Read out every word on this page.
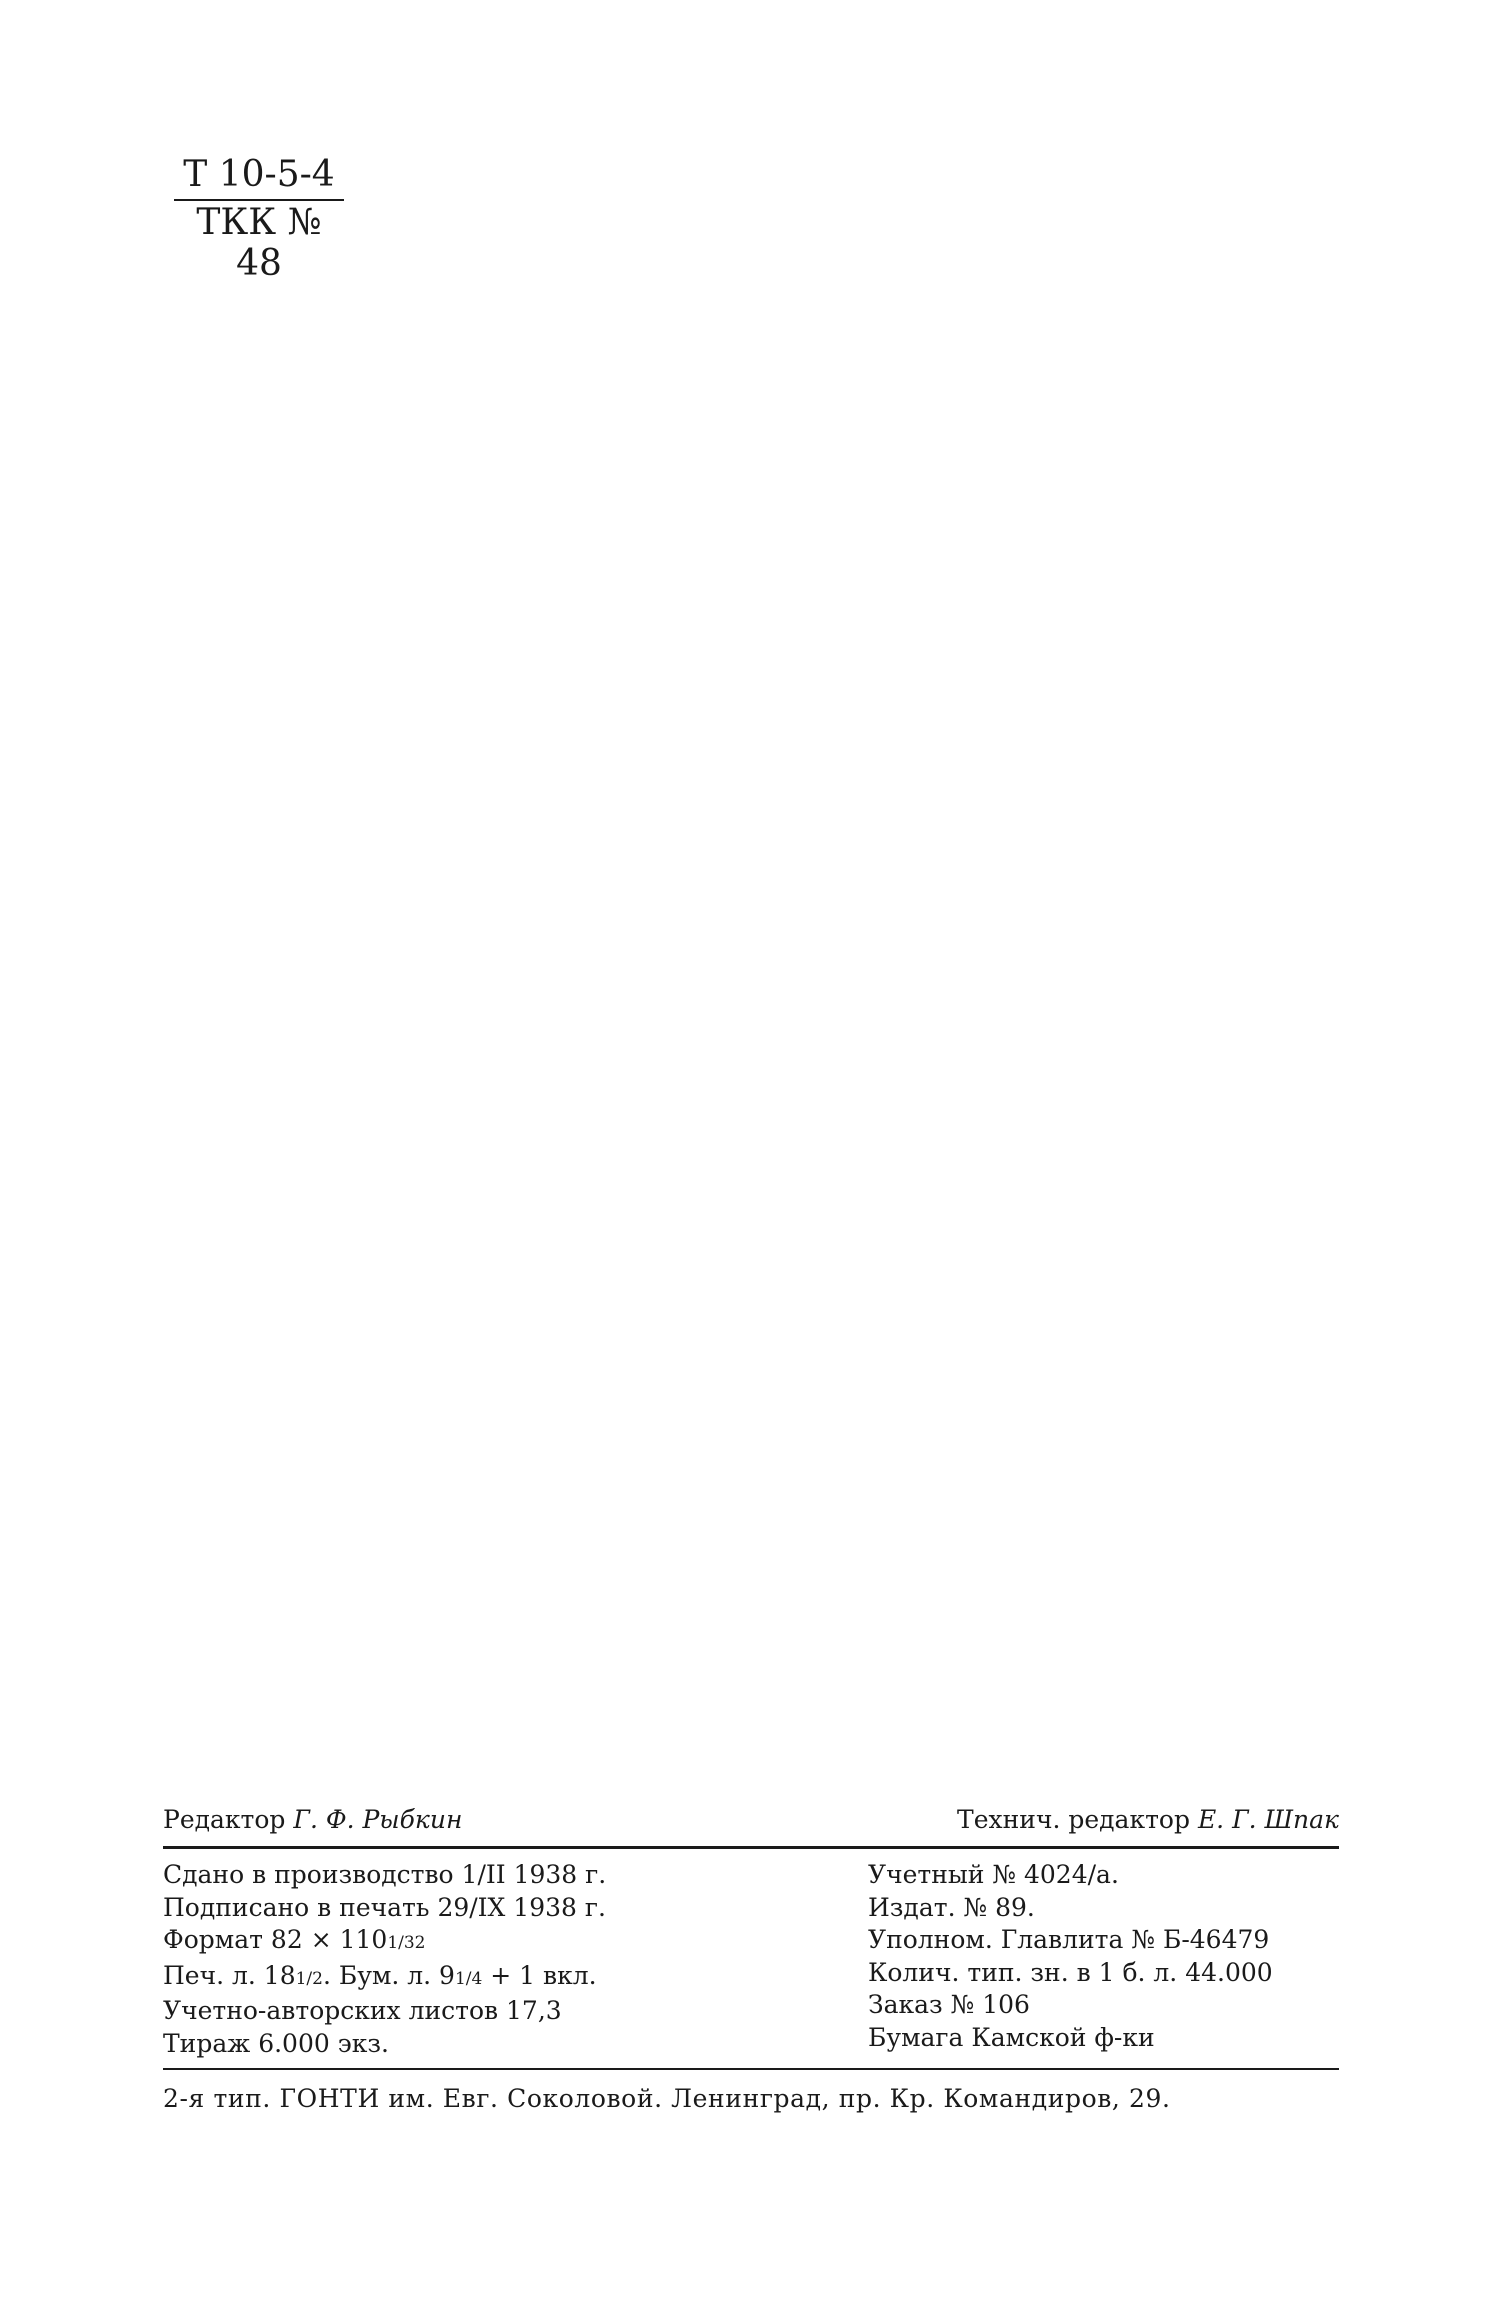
T 10-5-4
ТКК № 48
Редактор Г. Ф. Рыбкин	Технич. редактор Е. Г. Шпак
Сдано в производство 1/II 1938 г.
Подписано в печать 29/IX 1938 г.
Формат 82 × 1101/32
Печ. л. 181/2. Бум. л. 91/4 + 1 вкл.
Учетно-авторских листов 17,3
Тираж 6.000 экз.
Учетный № 4024/а.
Издат. № 89.
Уполном. Главлита № Б-46479
Колич. тип. зн. в 1 б. л. 44.000
Заказ № 106
Бумага Камской ф-ки
2-я тип. ГОНТИ им. Евг. Соколовой. Ленинград, пр. Кр. Командиров, 29.
